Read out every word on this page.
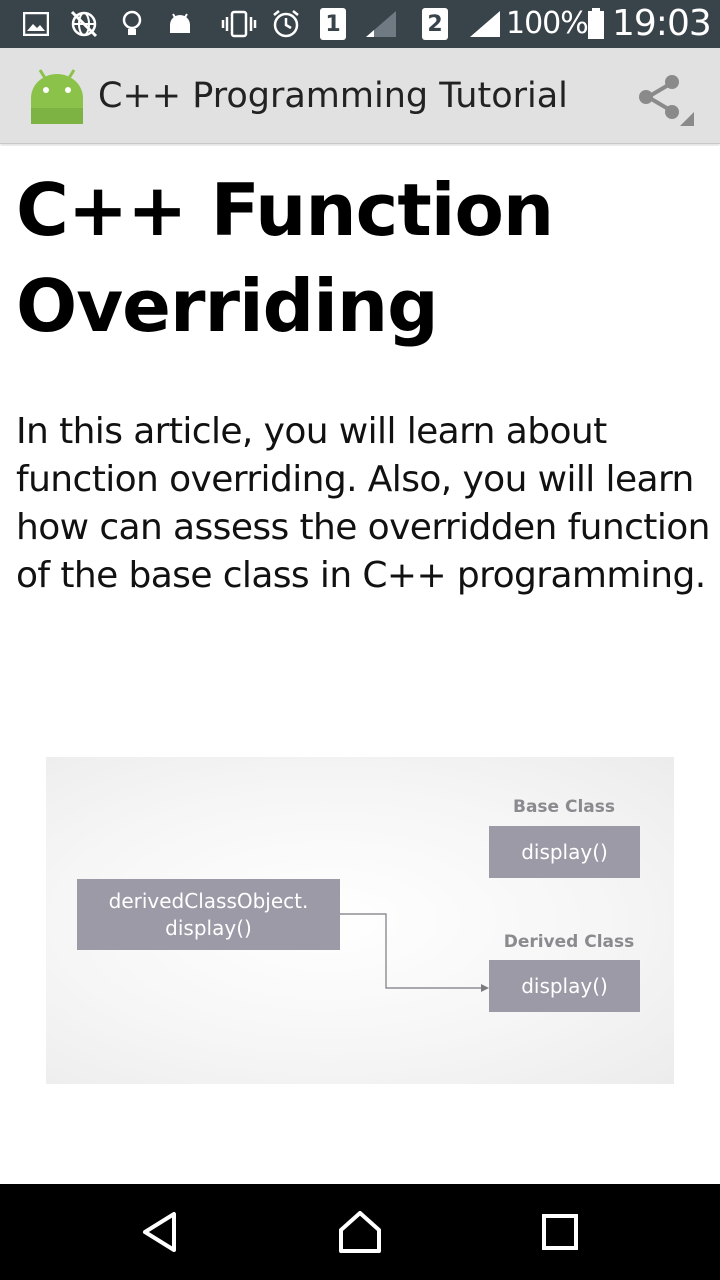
1	2 100% 19:03
C++ Programming Tutorial
C++ Function Overriding

In this article, you will learn about function overriding. Also, you will learn how can assess the overridden function of the base class in C++ programming.

Base Class
display()
derivedClassObject.
display()
Derived Class
display()
